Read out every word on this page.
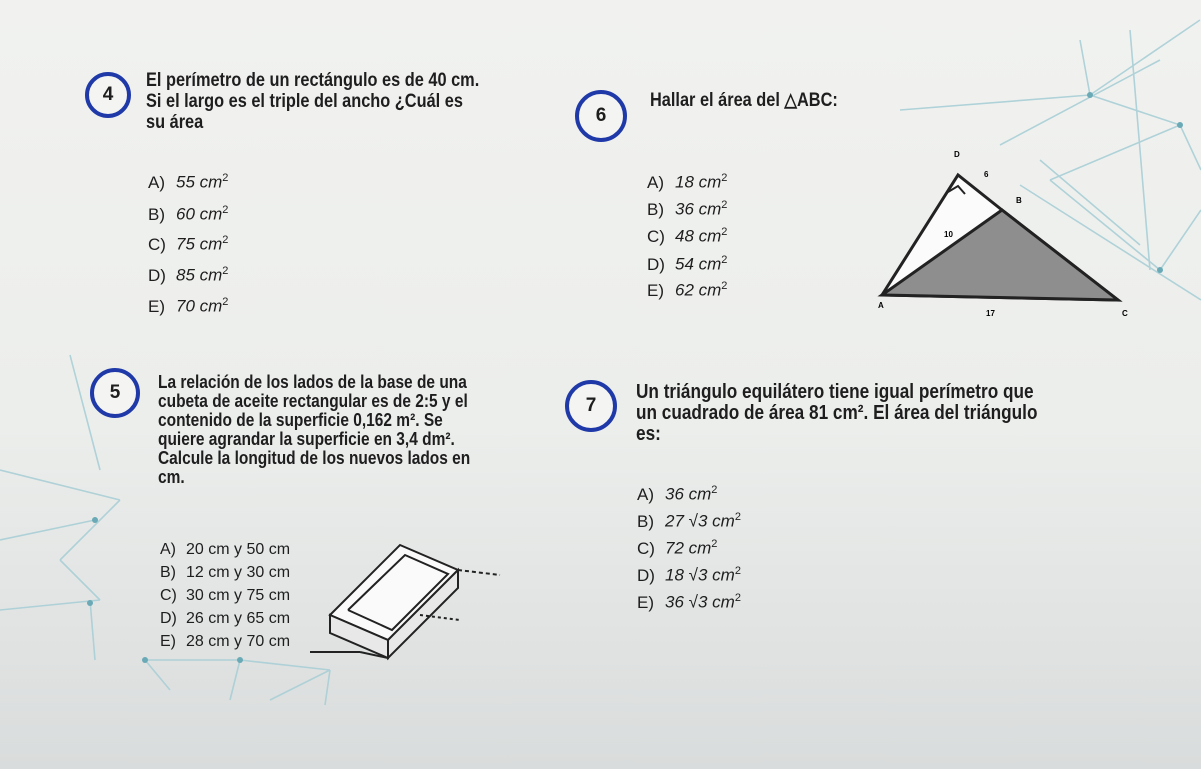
4
El perímetro de un rectángulo es de 40 cm.
Si el largo es el triple del ancho ¿Cuál es
su área
A) 55 $cm^2$
B) 60 $cm^2$
C) 75 $cm^2$
D) 85 $cm^2$
E) 70 $cm^2$
6
Hallar el área del △ABC:
A) 18 $cm^2$
B) 36 $cm^2$
C) 48 $cm^2$
D) 54 $cm^2$
E) 62 $cm^2$
D
6
B
10
A
17	C
5 La relación de los lados de la base de una
cubeta de aceite rectangular es de 2:5 y el
contenido de la superficie 0,162 m². Se
quiere agrandar la superficie en 3,4 dm².
Calcule la longitud de los nuevos lados en
cm.
A) 20 cm y 50 cm
B) 12 cm y 30 cm
C) 30 cm y 75 cm
D) 26 cm y 65 cm
E) 28 cm y 70 cm
7
Un triángulo equilátero tiene igual perímetro que
un cuadrado de área 81 cm². El área del triángulo
es:
A) 36 $cm^2$
B) 27 √3 $cm^2$
C) 72 $cm^2$
D) 18 √3 $cm^2$
E) 36 √3 $cm^2$
